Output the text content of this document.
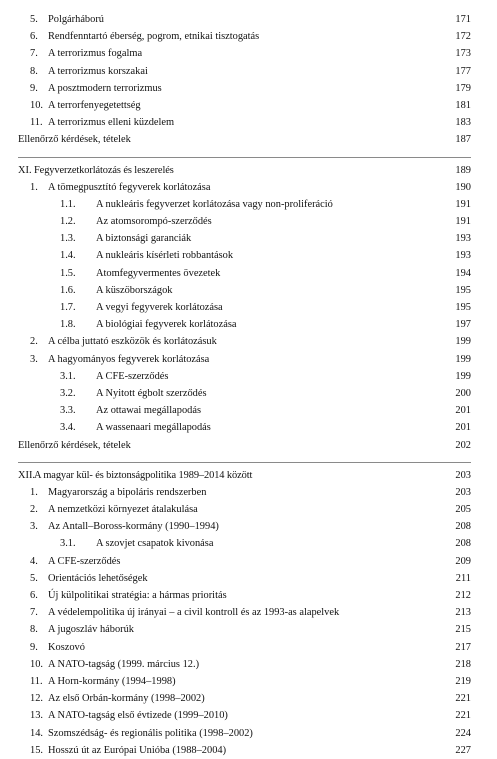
5. Polgárháború	171
6. Rendfenntartó éberség, pogrom, etnikai tisztogatás	172
7. A terrorizmus fogalma	173
8. A terrorizmus korszakai	177
9. A posztmodern terrorizmus	179
10. A terrorfenyegetettség	181
11. A terrorizmus elleni küzdelem	183
Ellenőrző kérdések, tételek	187
XI. Fegyverzetkorlátozás és leszerelés	189
1. A tömegpusztító fegyverek korlátozása	190
1.1. A nukleáris fegyverzet korlátozása vagy non-proliferáció	191
1.2. Az atomsorompó-szerződés	191
1.3. A biztonsági garanciák	193
1.4. A nukleáris kísérleti robbantások	193
1.5. Atomfegyvermentes övezetek	194
1.6. A küszöbországok	195
1.7. A vegyi fegyverek korlátozása	195
1.8. A biológiai fegyverek korlátozása	197
2. A célba juttató eszközök és korlátozásuk	199
3. A hagyományos fegyverek korlátozása	199
3.1. A CFE-szerződés	199
3.2. A Nyitott égbolt szerződés	200
3.3. Az ottawai megállapodás	201
3.4. A wassenaari megállapodás	201
Ellenőrző kérdések, tételek	202
XII.
A magyar kül- és biztonságpolitika 1989–2014 között	203
1. Magyarország a bipoláris rendszerben	203
2. A nemzetközi környezet átalakulása	205
3. Az Antall–Boross-kormány (1990–1994)	208
3.1. A szovjet csapatok kivonása	208
4. A CFE-szerződés	209
5. Orientációs lehetőségek	211
6. Új külpolitikai stratégia: a hármas prioritás	212
7. A védelempolitika új irányai – a civil kontroll és az 1993-as alapelvek	213
8. A jugoszláv háborúk	215
9. Koszovó	217
10. A NATO-tagság (1999. március 12.)	218
11. A Horn-kormány (1994–1998)	219
12. Az első Orbán-kormány (1998–2002)	221
13. A NATO-tagság első évtizede (1999–2010)	221
14. Szomszédság- és regionális politika (1998–2002)	224
15. Hosszú út az Európai Unióba (1988–2004)	227
